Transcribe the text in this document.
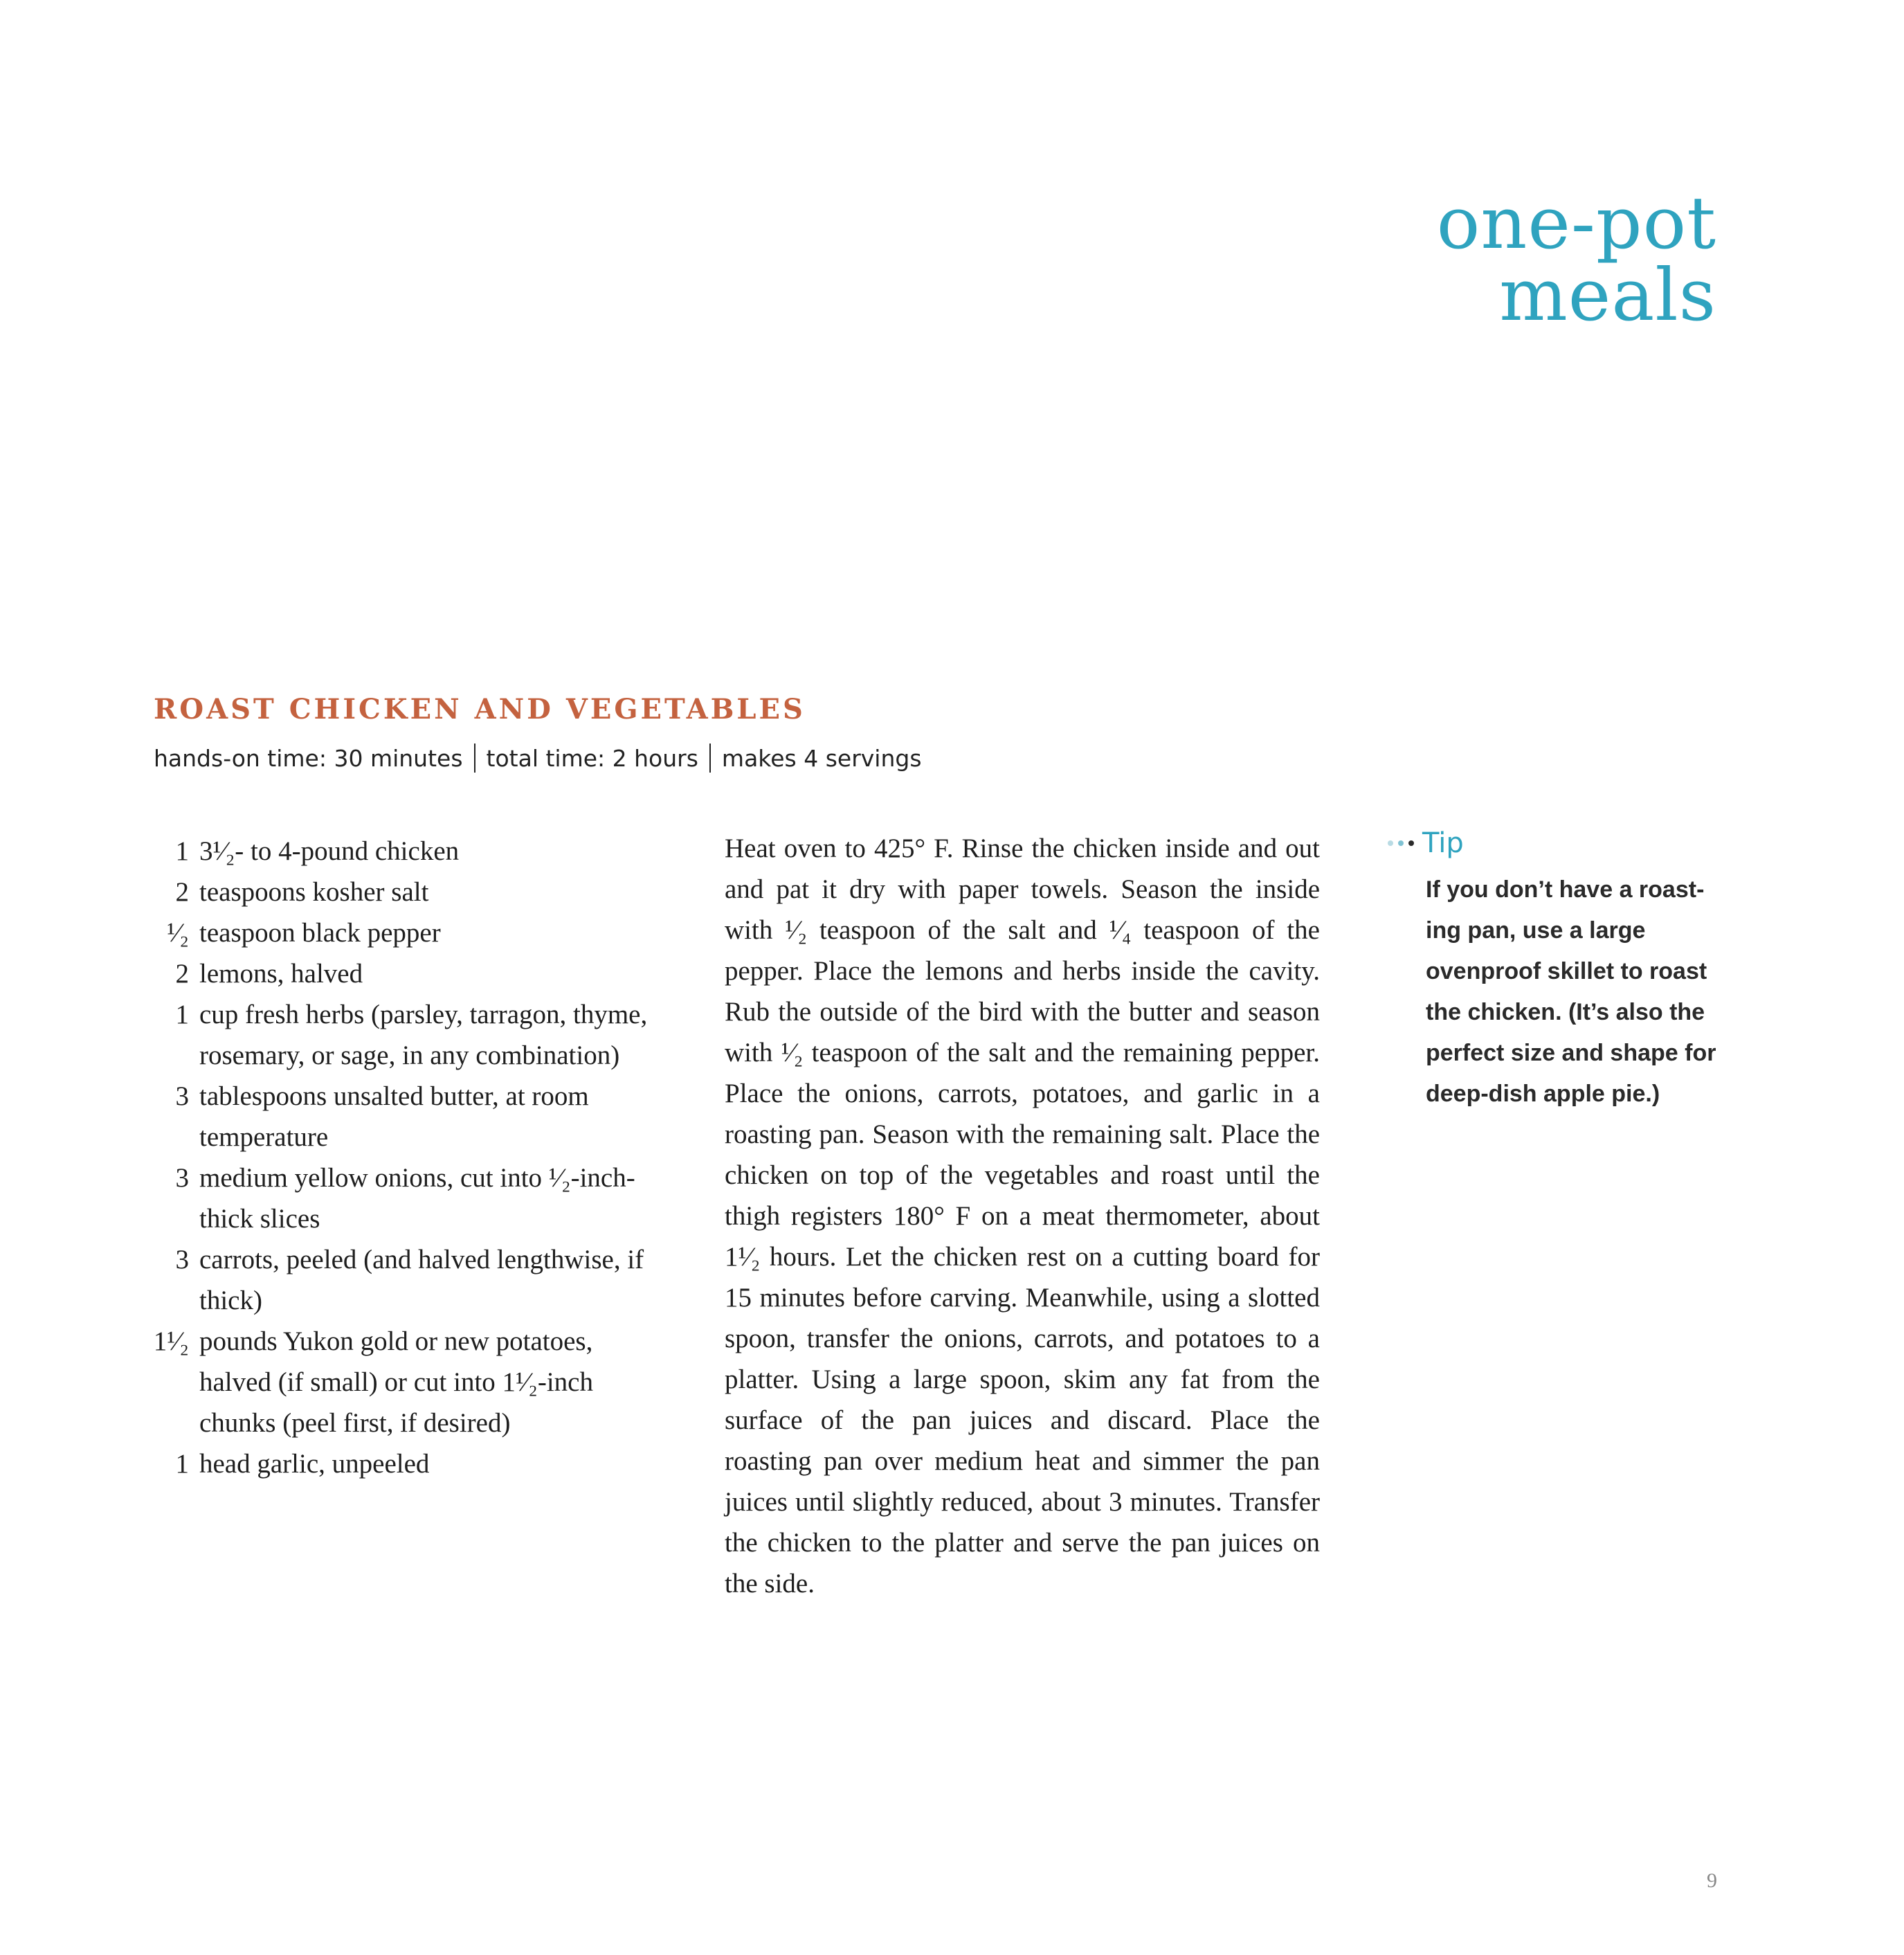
one-pot meals
ROAST CHICKEN AND VEGETABLES
hands-on time: 30 minutes total time: 2 hours makes 4 servings
1 3¹⁄₂- to 4-pound chicken
2 teaspoons kosher salt
¹⁄₂ teaspoon black pepper
2 lemons, halved
1 cup fresh herbs (parsley, tarragon, thyme, rosemary, or sage, in any combination)
3 tablespoons unsalted butter, at room temperature
3 medium yellow onions, cut into ¹⁄₂-inch-thick slices
3 carrots, peeled (and halved lengthwise, if thick)
1¹⁄₂ pounds Yukon gold or new potatoes, halved (if small) or cut into 1¹⁄₂-inch chunks (peel first, if desired)
1 head garlic, unpeeled

Heat oven to 425° F. Rinse the chicken inside and out and pat it dry with paper towels. Season the inside with ¹⁄₂ teaspoon of the salt and ¹⁄₄ teaspoon of the pepper. Place the lemons and herbs inside the cavity. Rub the outside of the bird with the butter and season with ¹⁄₂ teaspoon of the salt and the remaining pepper. Place the onions, carrots, potatoes, and garlic in a roasting pan. Season with the remaining salt. Place the chicken on top of the vegetables and roast until the thigh registers 180° F on a meat thermometer, about 1¹⁄₂ hours. Let the chicken rest on a cutting board for 15 minutes before carving. Meanwhile, using a slotted spoon, transfer the onions, carrots, and potatoes to a platter. Using a large spoon, skim any fat from the surface of the pan juices and discard. Place the roasting pan over medium heat and simmer the pan juices until slightly reduced, about 3 minutes. Transfer the chicken to the platter and serve the pan juices on the side.

Tip

If you don’t have a roasting pan, use a large ovenproof skillet to roast the chicken. (It’s also the perfect size and shape for deep-dish apple pie.)

9
